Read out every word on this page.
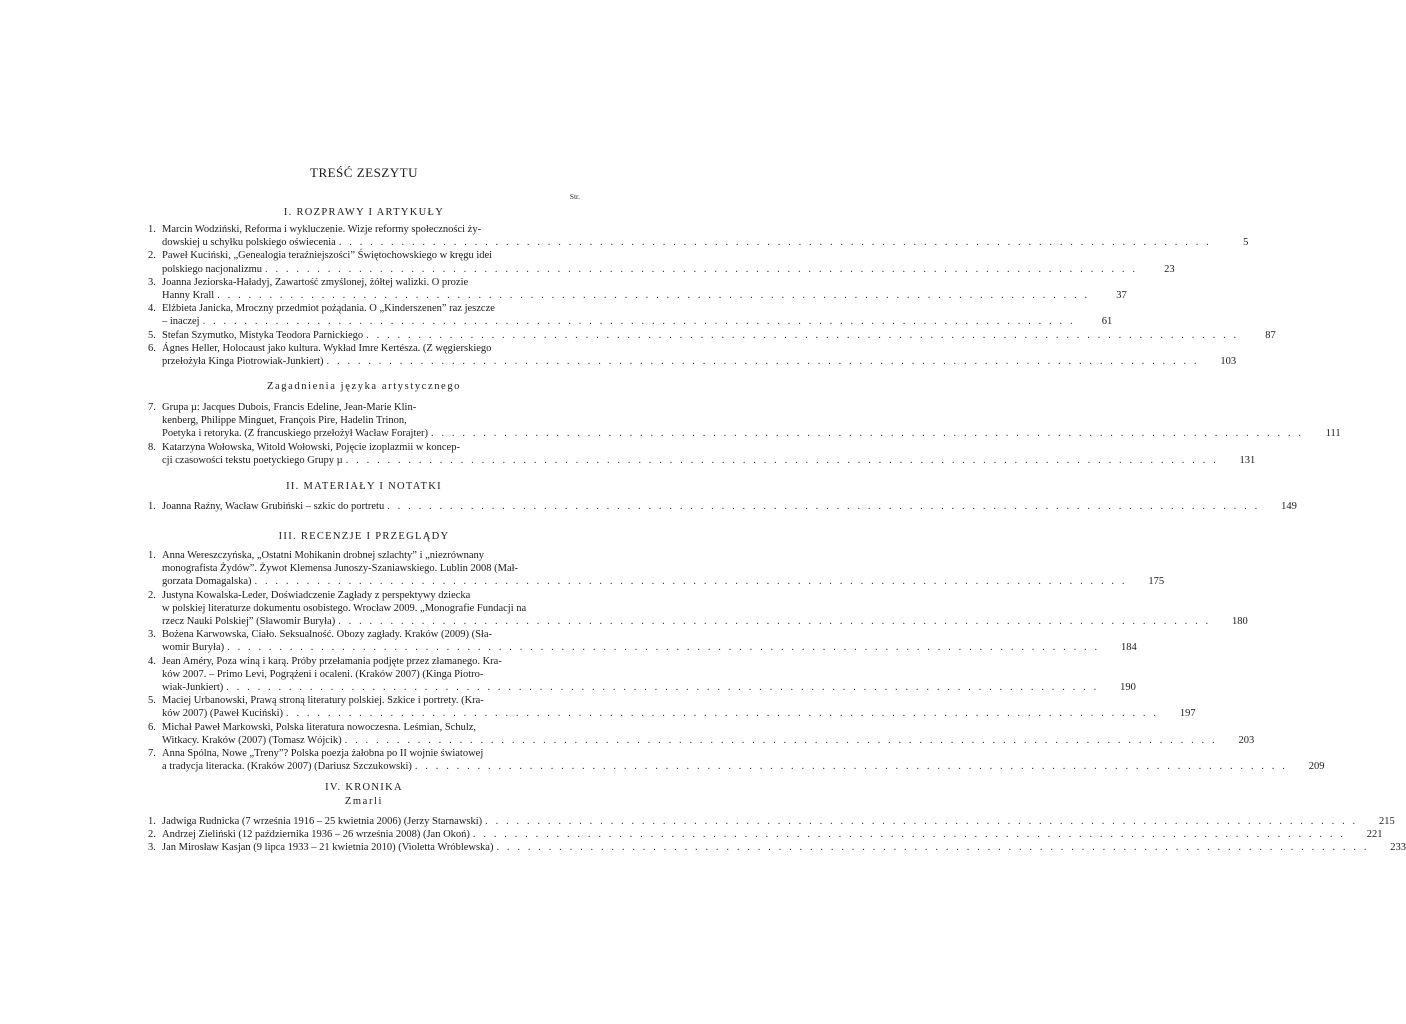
TREŚĆ ZESZYTU
Str.
I. ROZPRAWY I ARTYKUŁY
1. Marcin Wodziński, Reforma i wykluczenie. Wizje reformy społeczności ży-
dowskiej u schyłku polskiego oświecenia . . .	5
2. Paweł Kuciński, „Genealogia teraźniejszości” Świętochowskiego w kręgu idei
polskiego nacjonalizmu . . .	23
3. Joanna Jeziorska-Haładyj, Zawartość zmyślonej, żółtej walizki. O prozie
Hanny Krall . . .	37
4. Elżbieta Janicka, Mroczny przedmiot pożądania. O „Kinderszenen” raz jeszcze
– inaczej . . .	61
5. Stefan Szymutko, Mistyka Teodora Parnickiego . . .	87
6. Ágnes Heller, Holocaust jako kultura. Wykład Imre Kertésza. (Z węgierskiego
przełożyła Kinga Piotrowiak-Junkiert) . . .	103
Zagadnienia języka artystycznego
7. Grupa µ: Jacques Dubois, Francis Edeline, Jean-Marie Klin-
kenberg, Philippe Minguet, François Pire, Hadelin Trinon,
Poetyka i retoryka. (Z francuskiego przełożył Wacław Forajter) . . .	111
8. Katarzyna Wołowska, Witold Wołowski, Pojęcie izoplazmii w koncep-
cji czasowości tekstu poetyckiego Grupy µ . . .	131
II. MATERIAŁY I NOTATKI
1. Joanna Raźny, Wacław Grubiński – szkic do portretu . . .	149
III. RECENZJE I PRZEGLĄDY
1. Anna Wereszczyńska, „Ostatni Mohikanin drobnej szlachty” i „niezrównany
monografista Żydów”. Żywot Klemensa Junoszy-Szaniawskiego. Lublin 2008 (Mał-
gorzata Domagalska) . . .	175
2. Justyna Kowalska-Leder, Doświadczenie Zagłady z perspektywy dziecka
w polskiej literaturze dokumentu osobistego. Wrocław 2009. „Monografie Fundacji na
rzecz Nauki Polskiej” (Sławomir Buryła) . . .	180
3. Bożena Karwowska, Ciało. Seksualność. Obozy zagłady. Kraków (2009) (Sła-
womir Buryła) . . .	184
4. Jean Améry, Poza winą i karą. Próby przełamania podjęte przez złamanego. Kra-
ków 2007. – Primo Levi, Pogrążeni i ocaleni. (Kraków 2007) (Kinga Piotro-
wiak-Junkiert) . . .	190
5. Maciej Urbanowski, Prawą stroną literatury polskiej. Szkice i portrety. (Kra-
ków 2007) (Paweł Kuciński) . . .	197
6. Michał Paweł Markowski, Polska literatura nowoczesna. Leśmian, Schulz,
Witkacy. Kraków (2007) (Tomasz Wójcik) . . .	203
7. Anna Spólna, Nowe „Treny”? Polska poezja żałobna po II wojnie światowej
a tradycja literacka. (Kraków 2007) (Dariusz Szczukowski) . . .	209
IV. KRONIKA
Zmarli
1. Jadwiga Rudnicka (7 września 1916 – 25 kwietnia 2006) (Jerzy Starnawski) . . .	215
2. Andrzej Zieliński (12 października 1936 – 26 września 2008) (Jan Okoń) . . .	221
3. Jan Mirosław Kasjan (9 lipca 1933 – 21 kwietnia 2010) (Violetta Wróblewska) . . .	233
